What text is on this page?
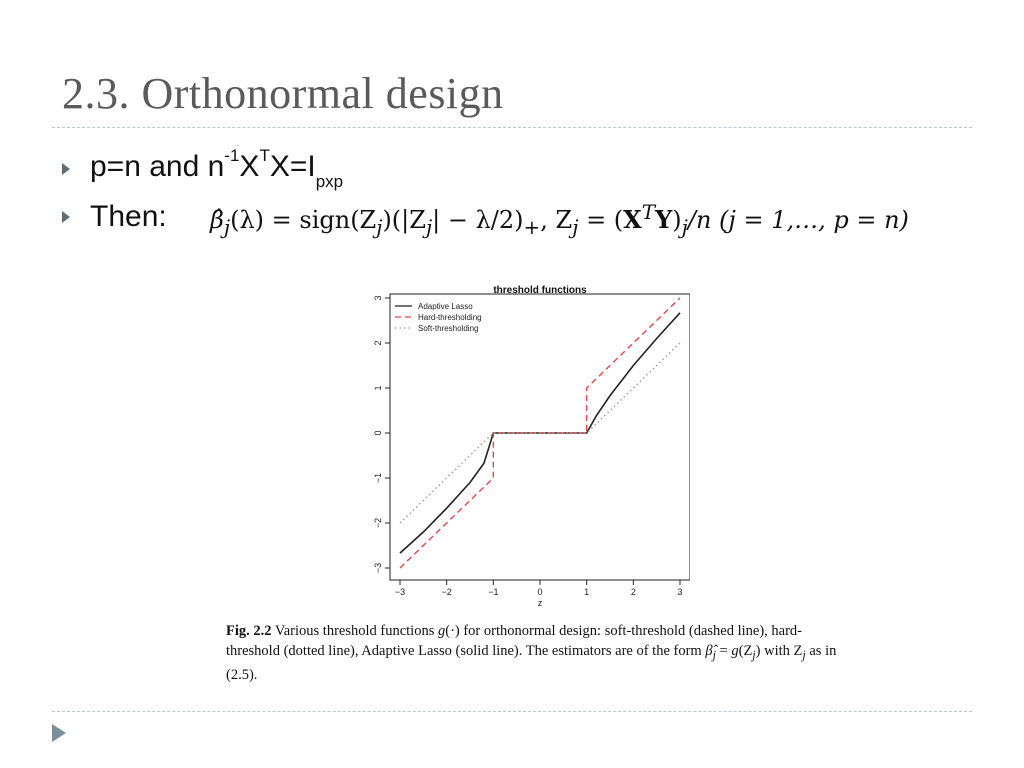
2.3. Orthonormal design
p=n and $n^{-1}X^TX=I_{pxp}$
Then: $\betâ_j(\lambda)$ = $sign(Z_j)(|Z_j| - \lambda/2)_+$, $Z_j = (X^TY)_j/n$ (j = 1,…, p = n)
threshold functions
−3	−2	−1	0	1	2	3
z
−3
−2
−1
0
1
2
3
Adaptive Lasso
Hard-thresholding
Soft-thresholding
Fig. 2.2 Various threshold functions g(·) for orthonormal design: soft-threshold (dashed line), hard-threshold (dotted line), Adaptive Lasso (solid line). The estimators are of the form $\betâ_j = g(Z_j)$ with $Z_j$ as in (2.5).
